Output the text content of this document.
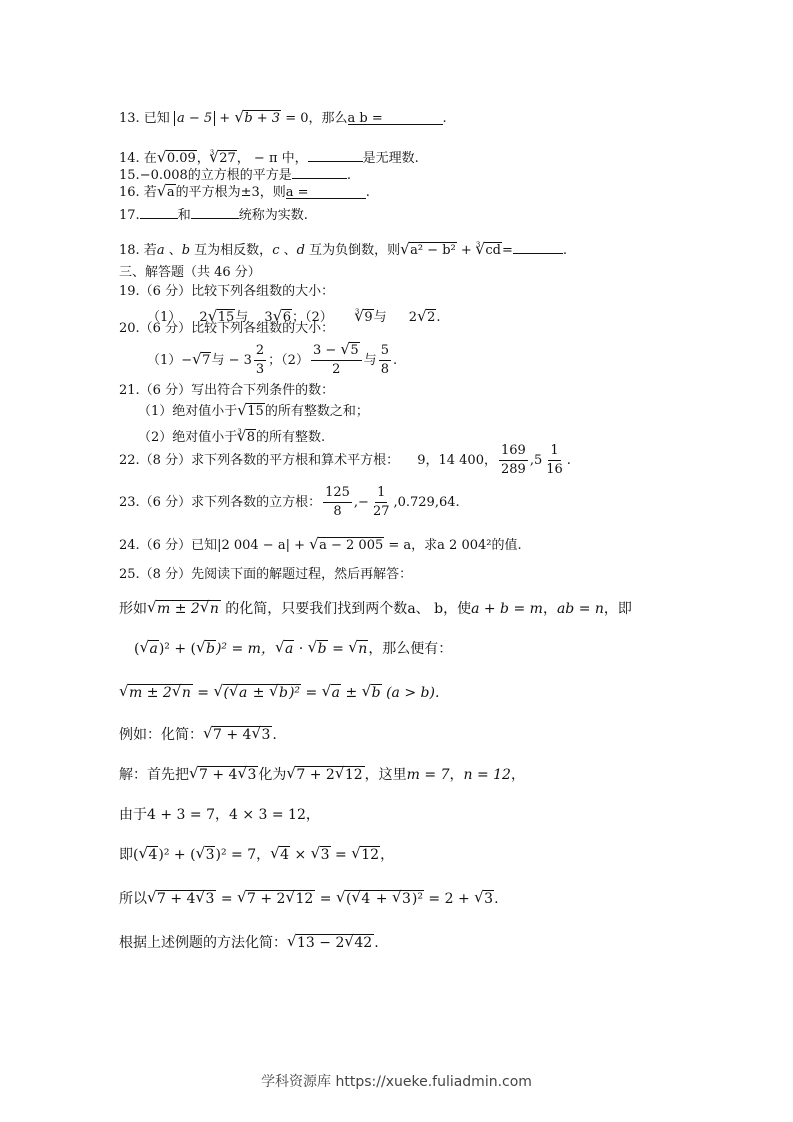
13. 已知 a − 5 + √ b + 3 = 0，那么a b =	.
14. 在 √ 0.09，$^3$ √ 27， − π 中，	是无理数.
15.−0.008的立方根的平方是	.
16. 若 √ a的平方根为±3，则a =	.
17.	和	统称为实数.
18. 若a 、b 互为相反数，c 、d 互为负倒数，则 √ a² − b² + $^3$ √ cd=	.
三、解答题（共 46 分）
19.（6 分）比较下列各组数的大小：
（1） 2 √ 15与 3 √ 6；（2）	$^3$ √ 9与 2 √ 2.
20.（6 分）比较下列各组数的大小：
（1）− √ 7与 − $3 \frac{2}{3}$ ；$(2) \frac{3 - √ 5}{2}$ 与 $\frac{5}{8}$ .
21.（6 分）写出符合下列条件的数：
（1）绝对值小于 √ 15的所有整数之和；
（2）绝对值小于$^3$ √ 8的所有整数.
22.（8 分）求下列各数的平方根和算术平方根： 9，14 400， $\frac{169}{289} ,5 \frac{1}{16}$ .
23.（6 分）求下列各数的立方根： $\frac{125}{8}$ ,− $\frac{1}{27} ,0.729,64$.
24.（6 分）已知|2 004 − a| + √ a − 2 005 = a，求a 2 004²的值.
25.（8 分）先阅读下面的解题过程，然后再解答：
形如 √ m ± 2 √ n 的化简，只要我们找到两个数a、 b，使a + b = m，ab = n，即
( √ a)² + ( √ b)² = m， √ a · √ b = √ n，那么便有：
√ m ± 2 √ n = √ ( √ a ± √ b)² = √ a ± √ b (a > b).
例如：化简： √ 7 + 4 √ 3 .
解：首先把 √ 7 + 4 √ 3 化为 √ 7 + 2 √ 12 ，这里m = 7，n = 12，
由于4 + 3 = 7，4 × 3 = 12，
即( √ 4)² + ( √ 3)² = 7， √ 4 × √ 3 = √ 12，
所以 √ 7 + 4 √ 3 = √ 7 + 2 √ 12 = √ ( √ 4 + √ 3)² = 2 + √ 3.
根据上述例题的方法化简： √ 13 − 2 √ 42 .
学科资源库 https://xueke.fuliadmin.com
